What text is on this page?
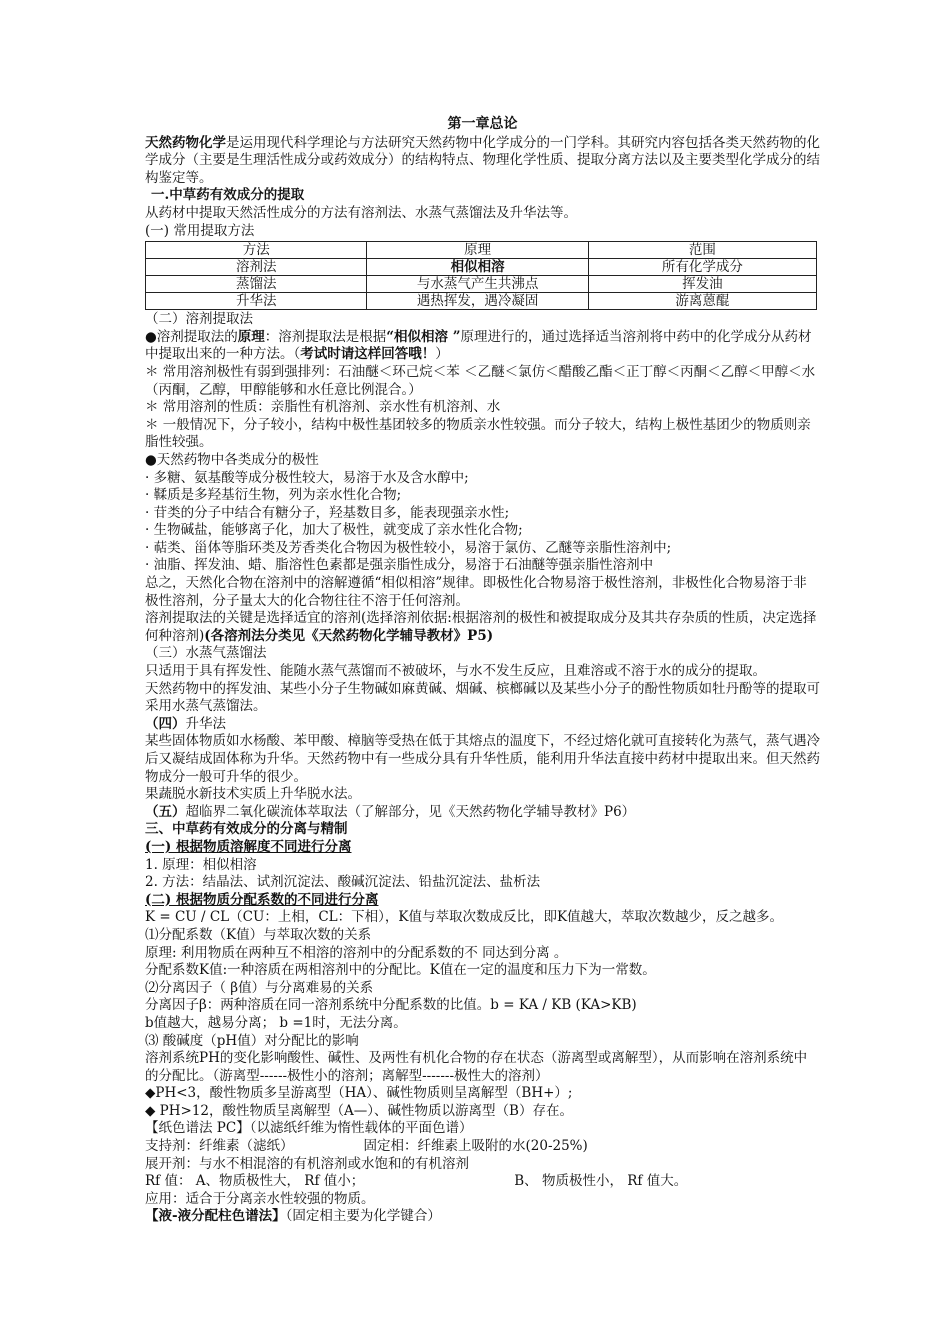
第一章总论
天然药物化学是运用现代科学理论与方法研究天然药物中化学成分的一门学科。其研究内容包括各类天然药物的化学成分（主要是生理活性成分或药效成分）的结构特点、物理化学性质、提取分离方法以及主要类型化学成分的结构鉴定等。
一.中草药有效成分的提取
从药材中提取天然活性成分的方法有溶剂法、水蒸气蒸馏法及升华法等。
(一) 常用提取方法
方法	原理	范围
溶剂法	相似相溶	所有化学成分
蒸馏法	与水蒸气产生共沸点	挥发油
升华法	遇热挥发，遇冷凝固	游离蒽醌
（二）溶剂提取法
●溶剂提取法的原理：溶剂提取法是根据“相似相溶 ”原理进行的，通过选择适当溶剂将中药中的化学成分从药材中提取出来的一种方法。（考试时请这样回答哦！）
＊ 常用溶剂极性有弱到强排列：石油醚＜环己烷＜苯 ＜乙醚＜氯仿＜醋酸乙酯＜正丁醇＜丙酮＜乙醇＜甲醇＜水（丙酮，乙醇，甲醇能够和水任意比例混合。）
＊ 常用溶剂的性质：亲脂性有机溶剂、亲水性有机溶剂、水
＊ 一般情况下，分子较小，结构中极性基团较多的物质亲水性较强。而分子较大，结构上极性基团少的物质则亲脂性较强。
●天然药物中各类成分的极性
· 多糖、氨基酸等成分极性较大，易溶于水及含水醇中;
· 鞣质是多羟基衍生物，列为亲水性化合物;
· 苷类的分子中结合有糖分子，羟基数目多，能表现强亲水性;
· 生物碱盐，能够离子化，加大了极性，就变成了亲水性化合物;
· 萜类、甾体等脂环类及芳香类化合物因为极性较小，易溶于氯仿、乙醚等亲脂性溶剂中;
· 油脂、挥发油、蜡、脂溶性色素都是强亲脂性成分，易溶于石油醚等强亲脂性溶剂中
总之，天然化合物在溶剂中的溶解遵循“相似相溶”规律。即极性化合物易溶于极性溶剂，非极性化合物易溶于非极性溶剂，分子量太大的化合物往往不溶于任何溶剂。
溶剂提取法的关键是选择适宜的溶剂(选择溶剂依据:根据溶剂的极性和被提取成分及其共存杂质的性质，决定选择何种溶剂)(各溶剂法分类见《天然药物化学辅导教材》P5)
（三）水蒸气蒸馏法
只适用于具有挥发性、能随水蒸气蒸馏而不被破坏，与水不发生反应，且难溶或不溶于水的成分的提取。
天然药物中的挥发油、某些小分子生物碱如麻黄碱、烟碱、槟榔碱以及某些小分子的酚性物质如牡丹酚等的提取可采用水蒸气蒸馏法。
（四）升华法
某些固体物质如水杨酸、苯甲酸、樟脑等受热在低于其熔点的温度下，不经过熔化就可直接转化为蒸气，蒸气遇冷后又凝结成固体称为升华。天然药物中有一些成分具有升华性质，能利用升华法直接中药材中提取出来。但天然药物成分一般可升华的很少。
果蔬脱水新技术实质上升华脱水法。
（五）超临界二氧化碳流体萃取法（了解部分，见《天然药物化学辅导教材》P6）
三、中草药有效成分的分离与精制
(一) 根据物质溶解度不同进行分离
1. 原理：相似相溶
2. 方法：结晶法、试剂沉淀法、酸碱沉淀法、铅盐沉淀法、盐析法
(二) 根据物质分配系数的不同进行分离
K = CU / CL（CU：上相，CL：下相），K值与萃取次数成反比，即K值越大，萃取次数越少，反之越多。
⑴分配系数（K值）与萃取次数的关系
原理: 利用物质在两种互不相溶的溶剂中的分配系数的不 同达到分离 。
分配系数K值:一种溶质在两相溶剂中的分配比。K值在一定的温度和压力下为一常数。
⑵分离因子（ β值）与分离难易的关系
分离因子β：两种溶质在同一溶剂系统中分配系数的比值。b = KA / KB (KA>KB)
b值越大，越易分离； b =1时，无法分离。
⑶ 酸碱度（pH值）对分配比的影响
溶剂系统PH的变化影响酸性、碱性、及两性有机化合物的存在状态（游离型或离解型），从而影响在溶剂系统中的分配比。（游离型------极性小的溶剂；离解型-------极性大的溶剂）
◆PH<3，酸性物质多呈游离型（HA）、碱性物质则呈离解型（BH+）;
◆ PH>12，酸性物质呈离解型（A—）、碱性物质以游离型（B）存在。
【纸色谱法 PC】（以滤纸纤维为惰性载体的平面色谱）
支持剂：纤维素（滤纸）	固定相：纤维素上吸附的水(20-25%)
展开剂：与水不相混溶的有机溶剂或水饱和的有机溶剂
Rf 值： A、物质极性大， Rf 值小；	B、 物质极性小， Rf 值大。
应用：适合于分离亲水性较强的物质。
【液-液分配柱色谱法】（固定相主要为化学键合）
